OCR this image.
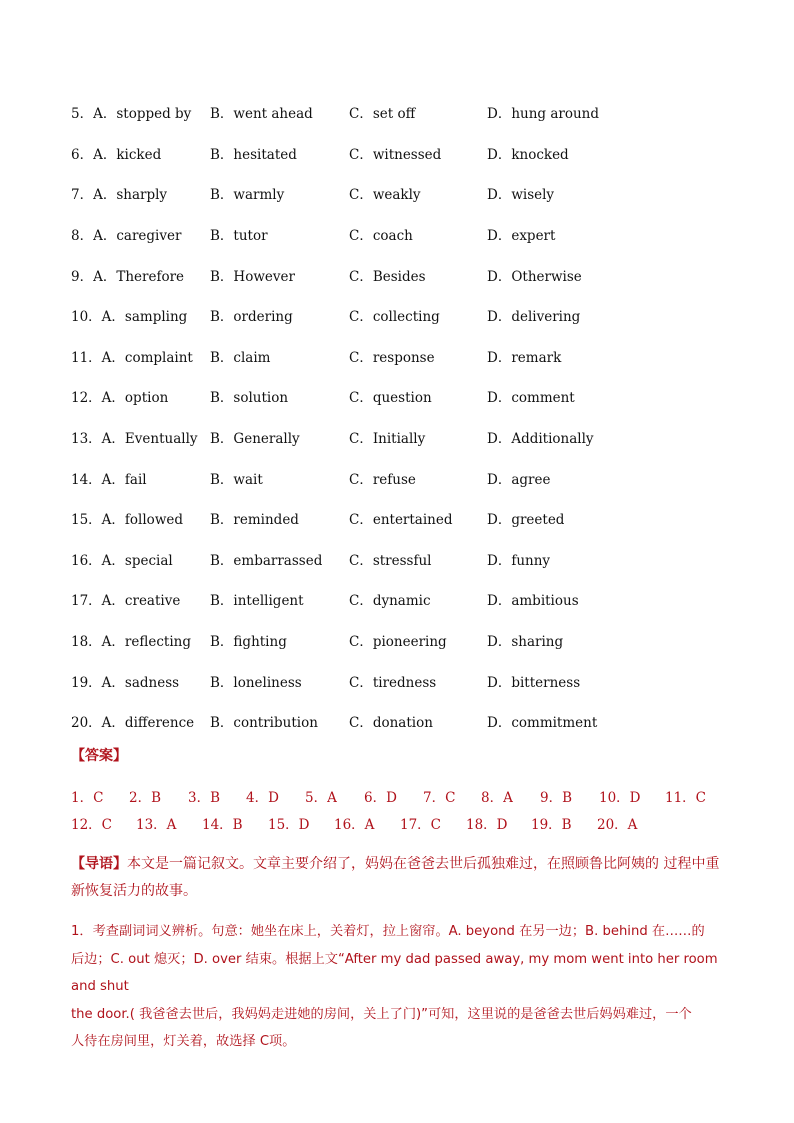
5．A．stopped by B．went ahead	C．set off	D．hung around
6．A．kicked	B．hesitated	C．witnessed	D．knocked
7．A．sharply	B．warmly	C．weakly	D．wisely
8．A．caregiver B．tutor	C．coach	D．expert
9．A．Therefore B．However	C．Besides	D．Otherwise
10．A．sampling B．ordering	C．collecting	D．delivering
11．A．complaint B．claim	C．response	D．remark
12．A．option	B．solution	C．question	D．comment
13．A．Eventually B．Generally	C．Initially	D．Additionally
14．A．fail	B．wait	C．refuse	D．agree
15．A．followed B．reminded	C．entertained	D．greeted
16．A．special	B．embarrassed C．stressful	D．funny
17．A．creative B．intelligent	C．dynamic	D．ambitious
18．A．reflecting B．fighting	C．pioneering	D．sharing
19．A．sadness B．loneliness	C．tiredness	D．bitterness
20．A．difference B．contribution C．donation	D．commitment
【答案】
1．C 2．B 3．B 4．D 5．A 6．D 7．C 8．A 9．B 10．D 11．C
12．C 13．A 14．B 15．D 16．A 17．C 18．D 19．B 20．A
【导语】本文是一篇记叙文。文章主要介绍了，妈妈在爸爸去世后孤独难过，在照顾鲁比阿姨的 过程中重新恢复活力的故事。
1．考查副词词义辨析。句意：她坐在床上，关着灯，拉上窗帘。A. beyond 在另一边；B. behind 在……的
后边；C. out 熄灭；D. over 结束。根据上文“After my dad passed away, my mom went into her room and shut
the door.( 我爸爸去世后，我妈妈走进她的房间，关上了门)”可知，这里说的是爸爸去世后妈妈难过，一个
人待在房间里，灯关着，故选择 C项。
